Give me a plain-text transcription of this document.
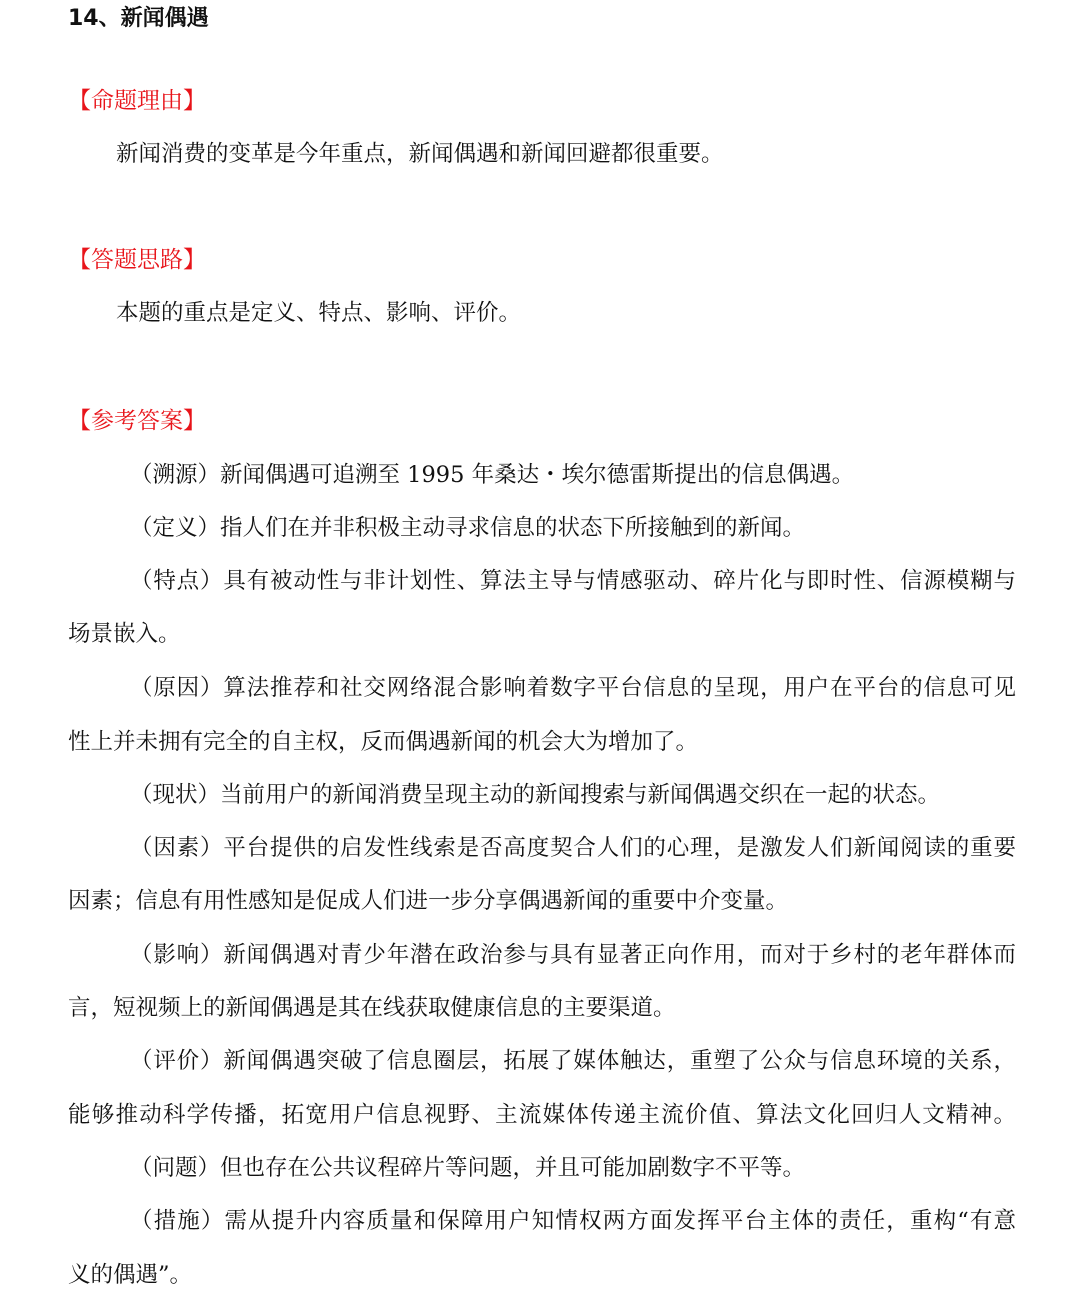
14、新闻偶遇
【命题理由】
新闻消费的变革是今年重点，新闻偶遇和新闻回避都很重要。
【答题思路】
本题的重点是定义、特点、影响、评价。
【参考答案】
（溯源）新闻偶遇可追溯至 1995 年桑达・埃尔德雷斯提出的信息偶遇。
（定义）指人们在并非积极主动寻求信息的状态下所接触到的新闻。
（特点）具有被动性与非计划性、算法主导与情感驱动、碎片化与即时性、信源模糊与
场景嵌入。
（原因）算法推荐和社交网络混合影响着数字平台信息的呈现，用户在平台的信息可见
性上并未拥有完全的自主权，反而偶遇新闻的机会大为增加了。
（现状）当前用户的新闻消费呈现主动的新闻搜索与新闻偶遇交织在一起的状态。
（因素）平台提供的启发性线索是否高度契合人们的心理，是激发人们新闻阅读的重要
因素；信息有用性感知是促成人们进一步分享偶遇新闻的重要中介变量。
（影响）新闻偶遇对青少年潜在政治参与具有显著正向作用，而对于乡村的老年群体而
言，短视频上的新闻偶遇是其在线获取健康信息的主要渠道。
（评价）新闻偶遇突破了信息圈层，拓展了媒体触达，重塑了公众与信息环境的关系，
能够推动科学传播，拓宽用户信息视野、主流媒体传递主流价值、算法文化回归人文精神。
（问题）但也存在公共议程碎片等问题，并且可能加剧数字不平等。
（措施）需从提升内容质量和保障用户知情权两方面发挥平台主体的责任，重构“有意
义的偶遇”。
